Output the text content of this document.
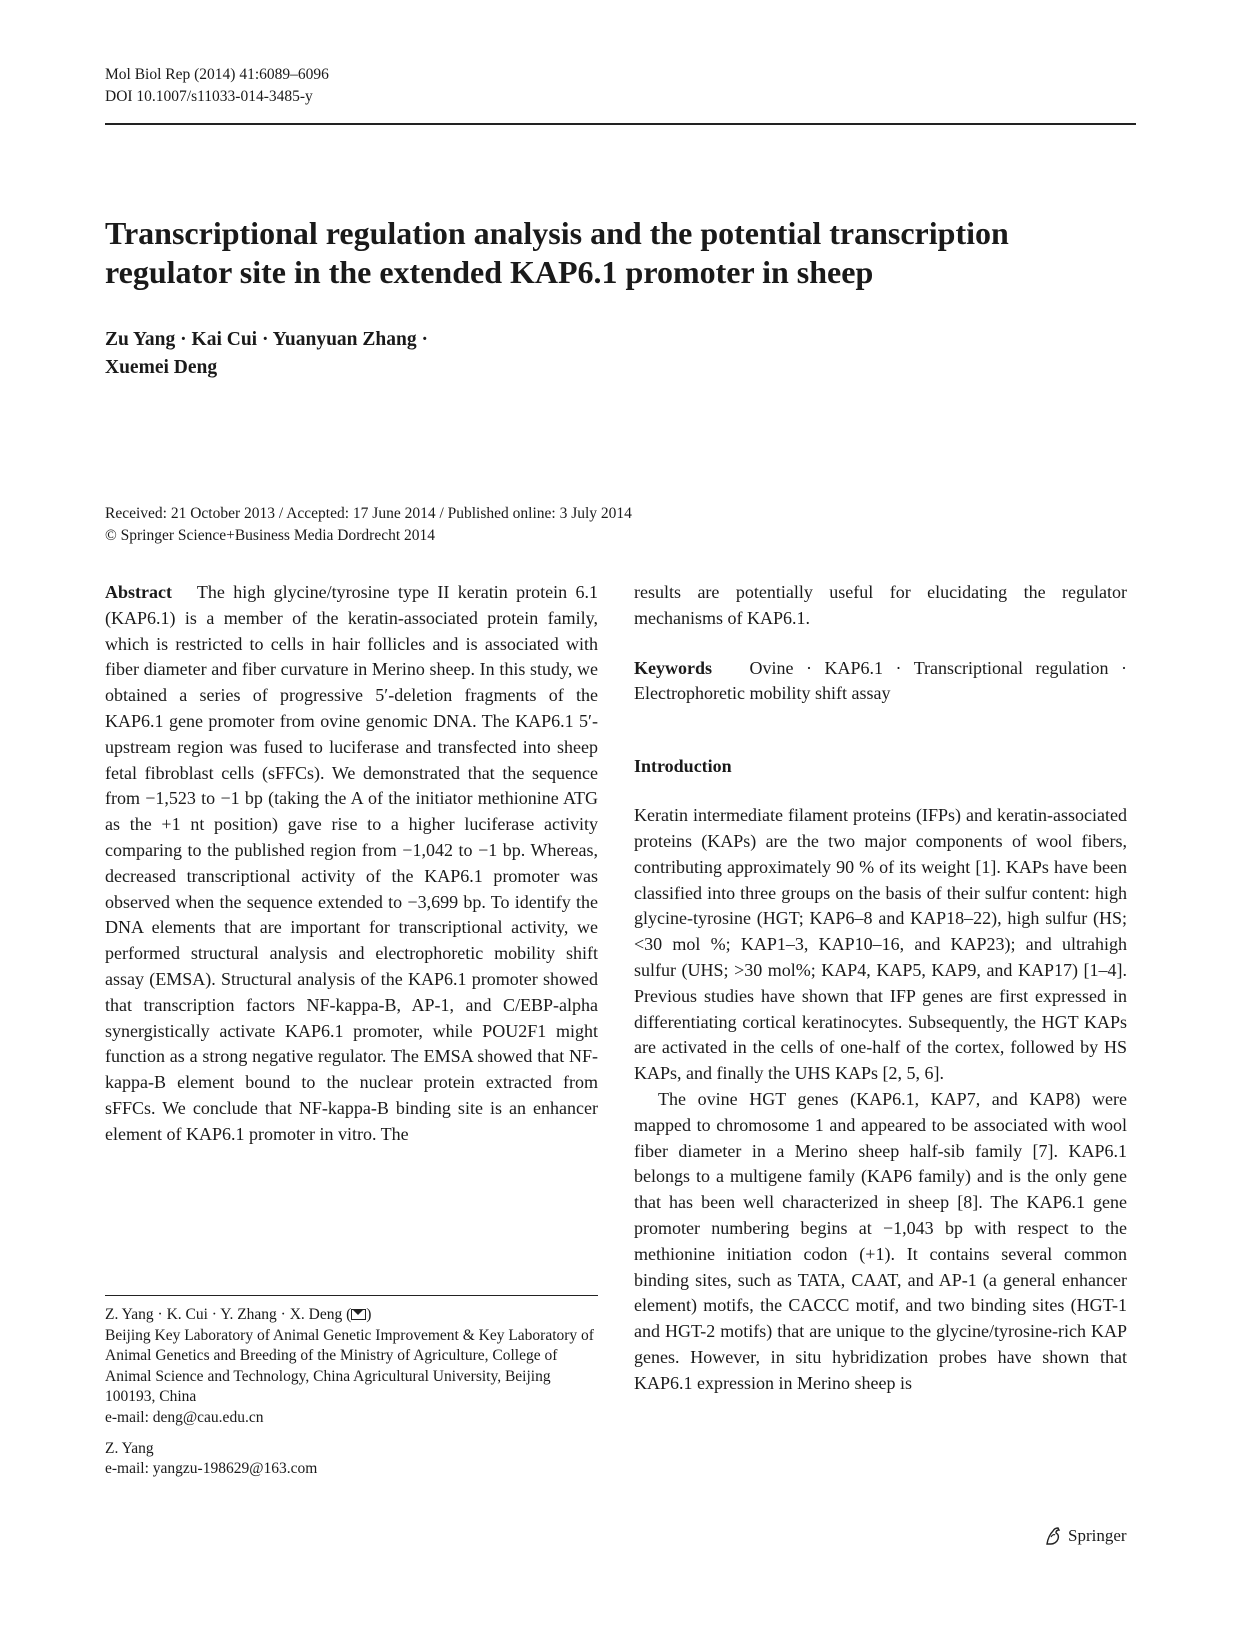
Mol Biol Rep (2014) 41:6089–6096
DOI 10.1007/s11033-014-3485-y
Transcriptional regulation analysis and the potential transcription
regulator site in the extended KAP6.1 promoter in sheep
Zu Yang · Kai Cui · Yuanyuan Zhang ·
Xuemei Deng
Received: 21 October 2013 / Accepted: 17 June 2014 / Published online: 3 July 2014
© Springer Science+Business Media Dordrecht 2014

Abstract The high glycine/tyrosine type II keratin protein 6.1 (KAP6.1) is a member of the keratin-associated protein family, which is restricted to cells in hair follicles and is associated with fiber diameter and fiber curvature in Merino sheep. In this study, we obtained a series of progressive 5′-deletion fragments of the KAP6.1 gene promoter from ovine genomic DNA. The KAP6.1 5′-upstream region was fused to luciferase and transfected into sheep fetal fibroblast cells (sFFCs). We demonstrated that the sequence from −1,523 to −1 bp (taking the A of the initiator methionine ATG as the +1 nt position) gave rise to a higher luciferase activity comparing to the published region from −1,042 to −1 bp. Whereas, decreased transcriptional activity of the KAP6.1 promoter was observed when the sequence extended to −3,699 bp. To identify the DNA elements that are important for transcriptional activity, we performed structural analysis and electrophoretic mobility shift assay (EMSA). Structural analysis of the KAP6.1 promoter showed that transcription factors NF-kappa-B, AP-1, and C/EBP-alpha synergistically activate KAP6.1 promoter, while POU2F1 might function as a strong negative regulator. The EMSA showed that NF-kappa-B element bound to the nuclear protein extracted from sFFCs. We conclude that NF-kappa-B binding site is an enhancer element of KAP6.1 promoter in vitro. The

Z. Yang · K. Cui · Y. Zhang · X. Deng ( )

Beijing Key Laboratory of Animal Genetic Improvement & Key Laboratory of Animal Genetics and Breeding of the Ministry of Agriculture, College of Animal Science and Technology, China Agricultural University, Beijing 100193, China

e-mail: deng@cau.edu.cn

Z. Yang

e-mail: yangzu-198629@163.com

results are potentially useful for elucidating the regulator mechanisms of KAP6.1.

Keywords Ovine · KAP6.1 · Transcriptional regulation · Electrophoretic mobility shift assay

Introduction

Keratin intermediate filament proteins (IFPs) and keratin-associated proteins (KAPs) are the two major components of wool fibers, contributing approximately 90 % of its weight [1]. KAPs have been classified into three groups on the basis of their sulfur content: high glycine-tyrosine (HGT; KAP6–8 and KAP18–22), high sulfur (HS; <30 mol %; KAP1–3, KAP10–16, and KAP23); and ultrahigh sulfur (UHS; >30 mol%; KAP4, KAP5, KAP9, and KAP17) [1–4]. Previous studies have shown that IFP genes are first expressed in differentiating cortical keratinocytes. Subsequently, the HGT KAPs are activated in the cells of one-half of the cortex, followed by HS KAPs, and finally the UHS KAPs [2, 5, 6].

The ovine HGT genes (KAP6.1, KAP7, and KAP8) were mapped to chromosome 1 and appeared to be associated with wool fiber diameter in a Merino sheep half-sib family [7]. KAP6.1 belongs to a multigene family (KAP6 family) and is the only gene that has been well characterized in sheep [8]. The KAP6.1 gene promoter numbering begins at −1,043 bp with respect to the methionine initiation codon (+1). It contains several common binding sites, such as TATA, CAAT, and AP-1 (a general enhancer element) motifs, the CACCC motif, and two binding sites (HGT-1 and HGT-2 motifs) that are unique to the glycine/tyrosine-rich KAP genes. However, in situ hybridization probes have shown that KAP6.1 expression in Merino sheep is

Springer
